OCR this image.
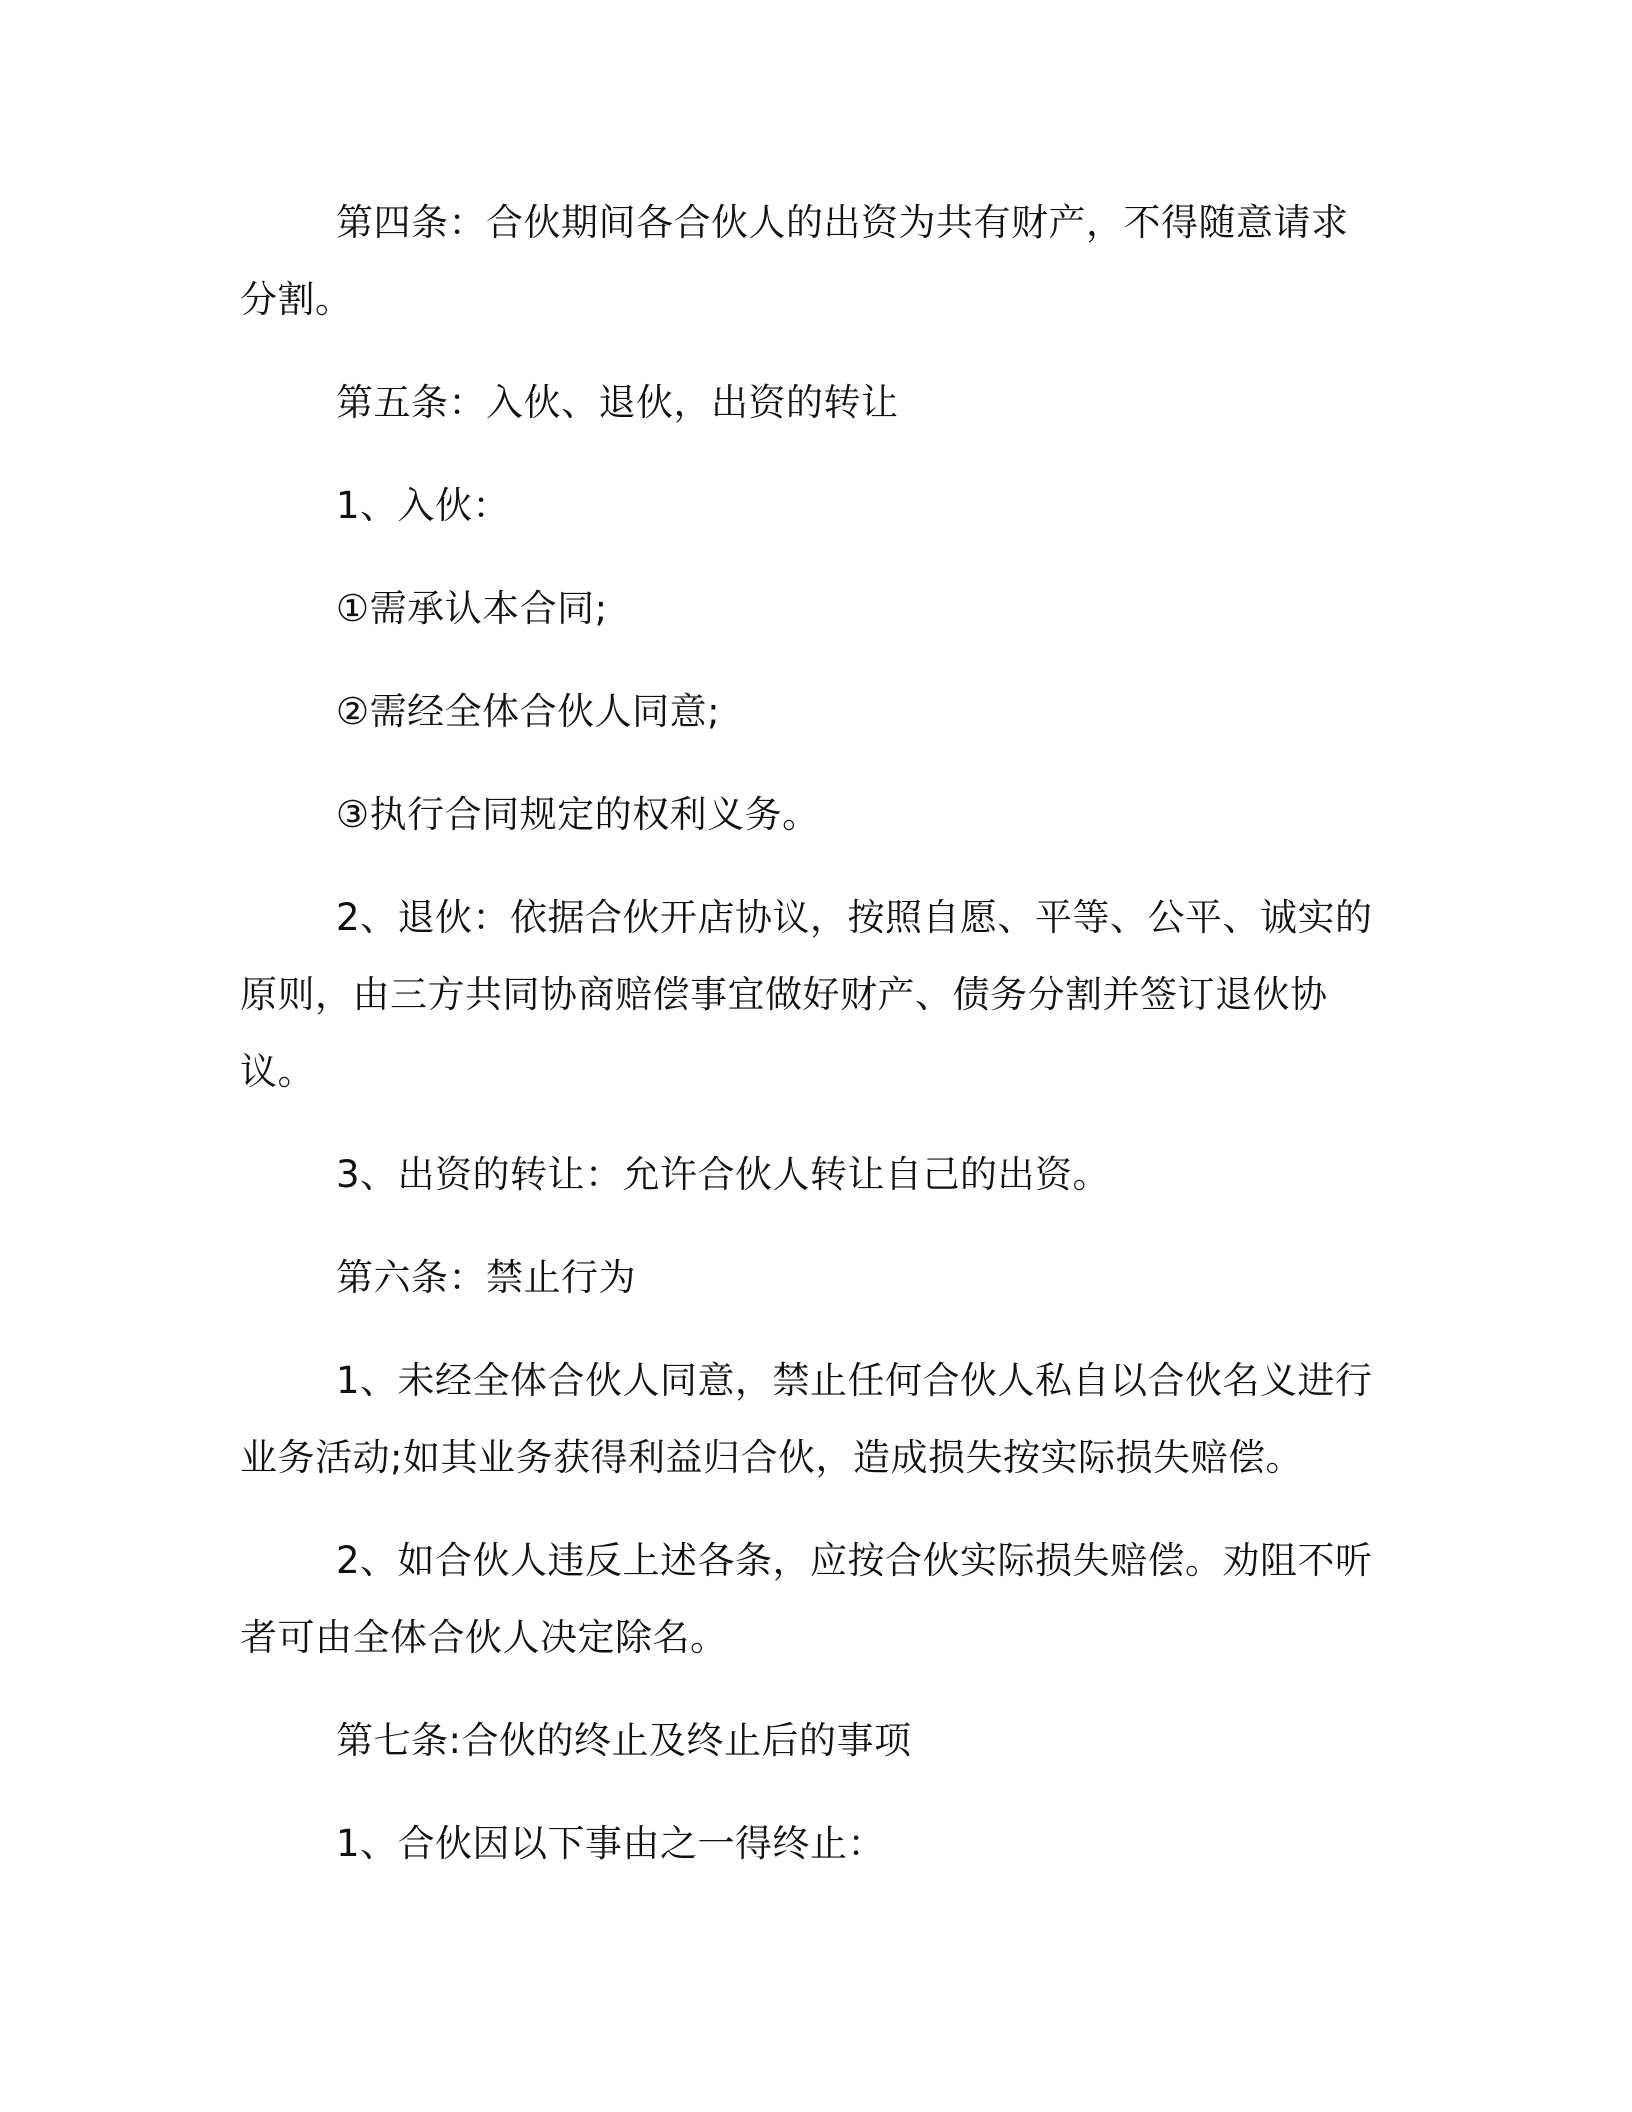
第四条：合伙期间各合伙人的出资为共有财产，不得随意请求分割。

第五条：入伙、退伙，出资的转让

1、入伙：

①需承认本合同;

②需经全体合伙人同意;

③执行合同规定的权利义务。

2、退伙：依据合伙开店协议，按照自愿、平等、公平、诚实的原则，由三方共同协商赔偿事宜做好财产、债务分割并签订退伙协议。

3、出资的转让：允许合伙人转让自己的出资。

第六条：禁止行为

1、未经全体合伙人同意，禁止任何合伙人私自以合伙名义进行业务活动;如其业务获得利益归合伙，造成损失按实际损失赔偿。

2、如合伙人违反上述各条，应按合伙实际损失赔偿。劝阻不听者可由全体合伙人决定除名。

第七条:合伙的终止及终止后的事项

1、合伙因以下事由之一得终止：
